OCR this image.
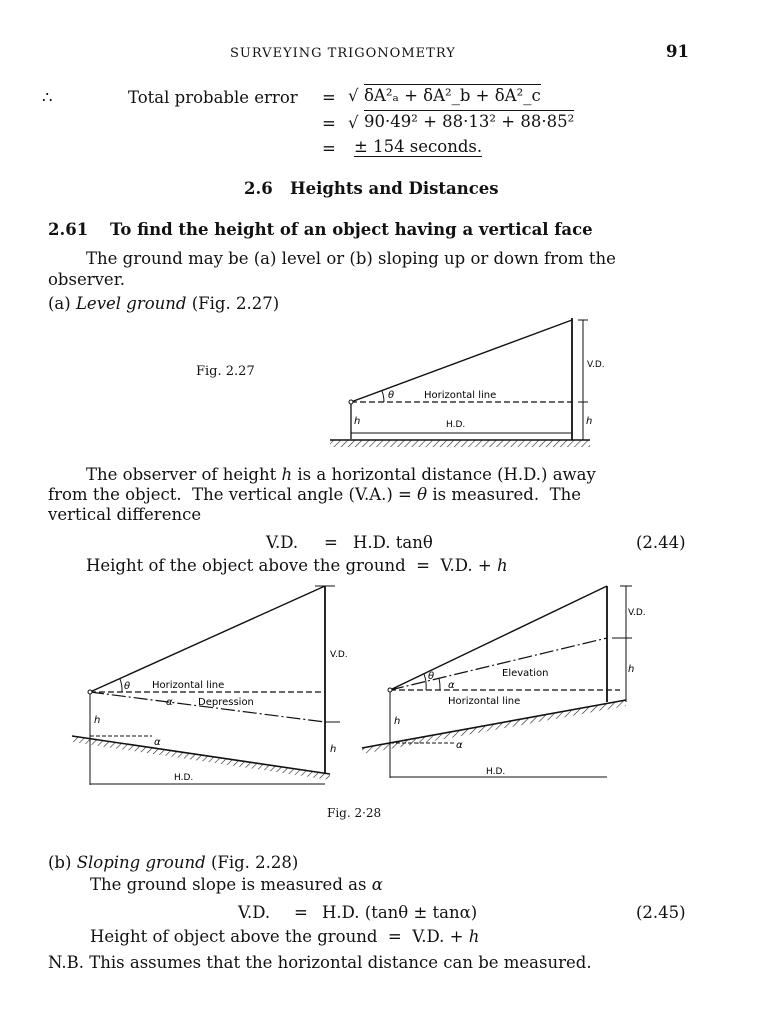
SURVEYING TRIGONOMETRY	91
∴	Total probable error = √ δA²ₐ + δA²_b + δA²_c
= √ 90·49² + 88·13² + 88·85²
= ± 154 seconds.
2.6 Heights and Distances
2.61 To find the height of an object having a vertical face
The ground may be (a) level or (b) sloping up or down from the
observer.
(a) Level ground (Fig. 2.27)
Fig. 2.27
θ	Horizontal line
h	H.D.	h
V.D.
The observer of height h is a horizontal distance (H.D.) away
from the object.  The vertical angle (V.A.) = θ is measured.  The
vertical difference
V.D. = H.D. tanθ	(2.44)
Height of the object above the ground  =  V.D. + h
θ Horizontal line
α	Depression
h
α
V.D.
h
H.D.
θ
α
Elevation
Horizontal line
h
α
V.D.
h
H.D.
Fig. 2·28
(b) Sloping ground (Fig. 2.28)
The ground slope is measured as α
V.D. = H.D. (tanθ ± tanα)	(2.45)
Height of object above the ground  =  V.D. + h
N.B. This assumes that the horizontal distance can be measured.
